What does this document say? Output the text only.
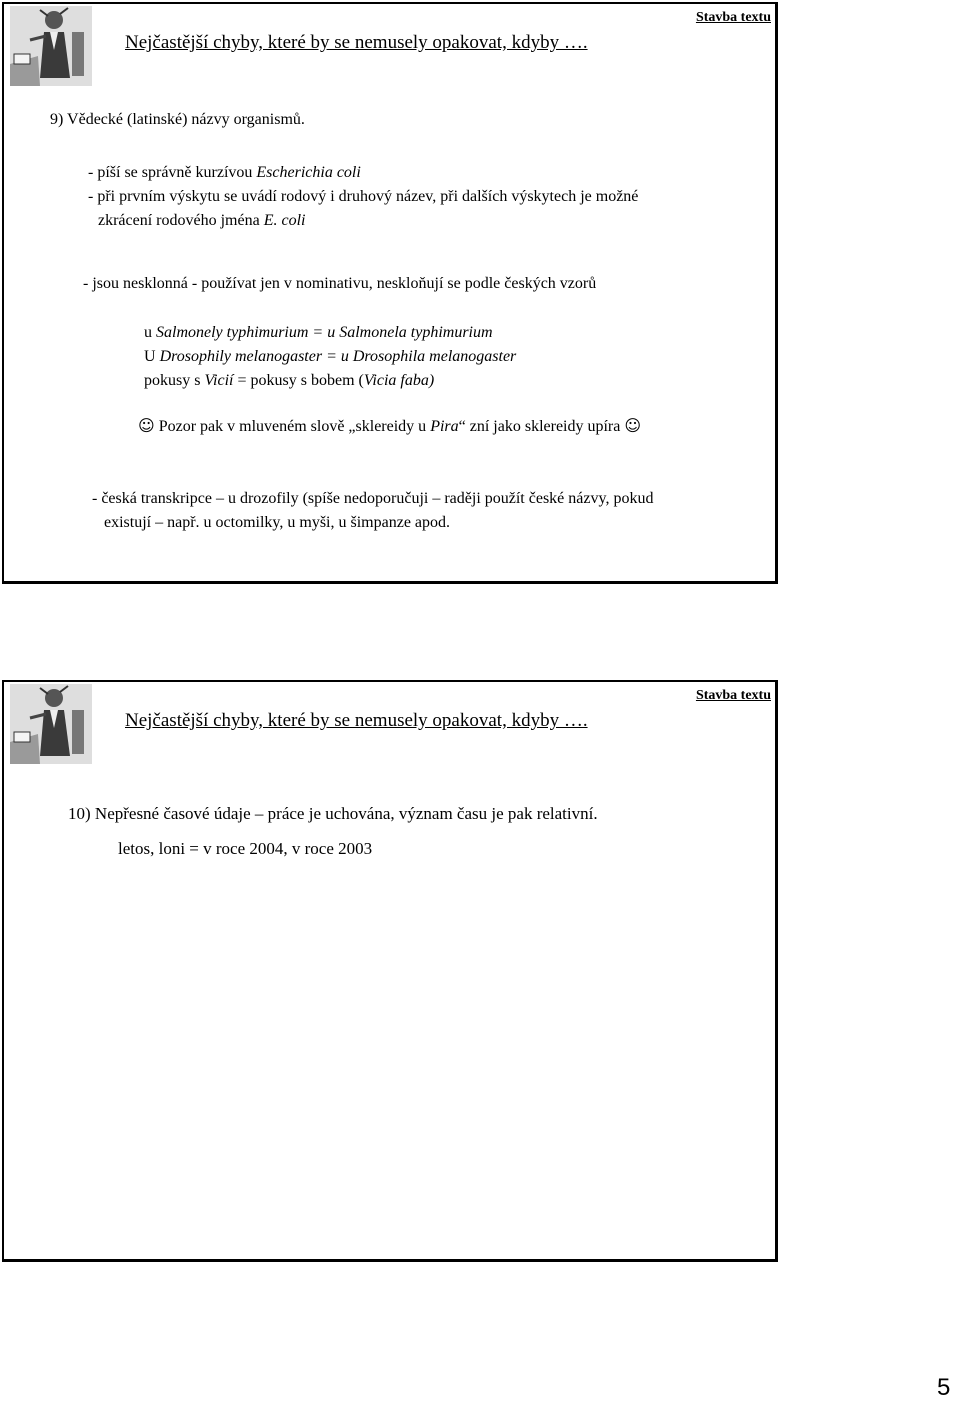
Stavba textu
Nejčastější chyby, které by se nemusely opakovat, kdyby ….
9) Vědecké (latinské) názvy organismů.
- píší se správně kurzívou Escherichia coli
- při prvním výskytu se uvádí rodový i druhový název, při dalších výskytech je možné
zkrácení rodového jména E. coli
- jsou nesklonná - používat jen v nominativu, neskloňují se podle českých vzorů
u Salmonely typhimurium = u Salmonela typhimurium
U Drosophily melanogaster = u Drosophila melanogaster
pokusy s Vicií = pokusy s bobem (Vicia faba)
☺ Pozor pak v mluveném slově „sklereidy u Pira“ zní jako sklereidy upíra ☺
- česká transkripce – u drozofily (spíše nedoporučuji – raději použít české názvy, pokud
existují – např. u octomilky, u myši, u šimpanze apod.
Stavba textu
Nejčastější chyby, které by se nemusely opakovat, kdyby ….
10) Nepřesné časové údaje – práce je uchována, význam času je pak relativní.
letos, loni = v roce 2004, v roce 2003
5
